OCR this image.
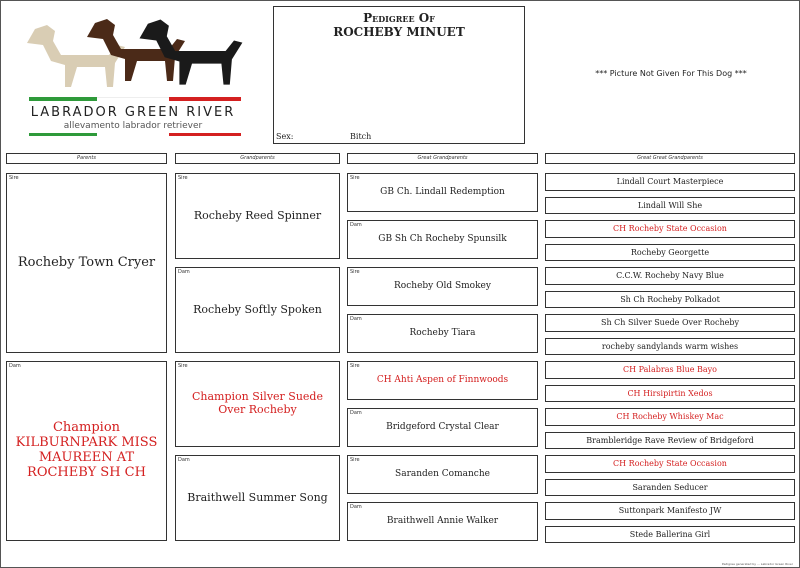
LABRADOR GREEN RIVER
allevamento labrador retriever
Pedigree Of
ROCHEBY MINUET
Sex:	Bitch
*** Picture Not Given For This Dog ***
Parents	Grandparents	Great Grandparents	Great Great Grandparents
Sire
Rocheby Town Cryer
Dam
Champion KILBURNPARK MISS MAUREEN AT ROCHEBY SH CH
Sire
Rocheby Reed Spinner
Dam
Rocheby Softly Spoken
Sire
Champion Silver Suede Over Rocheby
Dam
Braithwell Summer Song
Sire
GB Ch. Lindall Redemption
Dam
GB Sh Ch Rocheby Spunsilk
Sire
Rocheby Old Smokey
Dam
Rocheby Tiara
Sire
CH Ahti Aspen of Finnwoods
Dam
Bridgeford Crystal Clear
Sire
Saranden Comanche
Dam
Braithwell Annie Walker
Lindall Court Masterpiece
Lindall Will She
CH Rocheby State Occasion
Rocheby Georgette
C.C.W. Rocheby Navy Blue
Sh Ch Rocheby Polkadot
Sh Ch Silver Suede Over Rocheby
rocheby sandylands warm wishes
CH Palabras Blue Bayo
CH Hirsipirtin Xedos
CH Rocheby Whiskey Mac
Brambleridge Rave Review of Bridgeford
CH Rocheby State Occasion
Saranden Seducer
Suttonpark Manifesto JW
Stede Ballerina Girl
Pedigree generated by ... Labrador Green River
